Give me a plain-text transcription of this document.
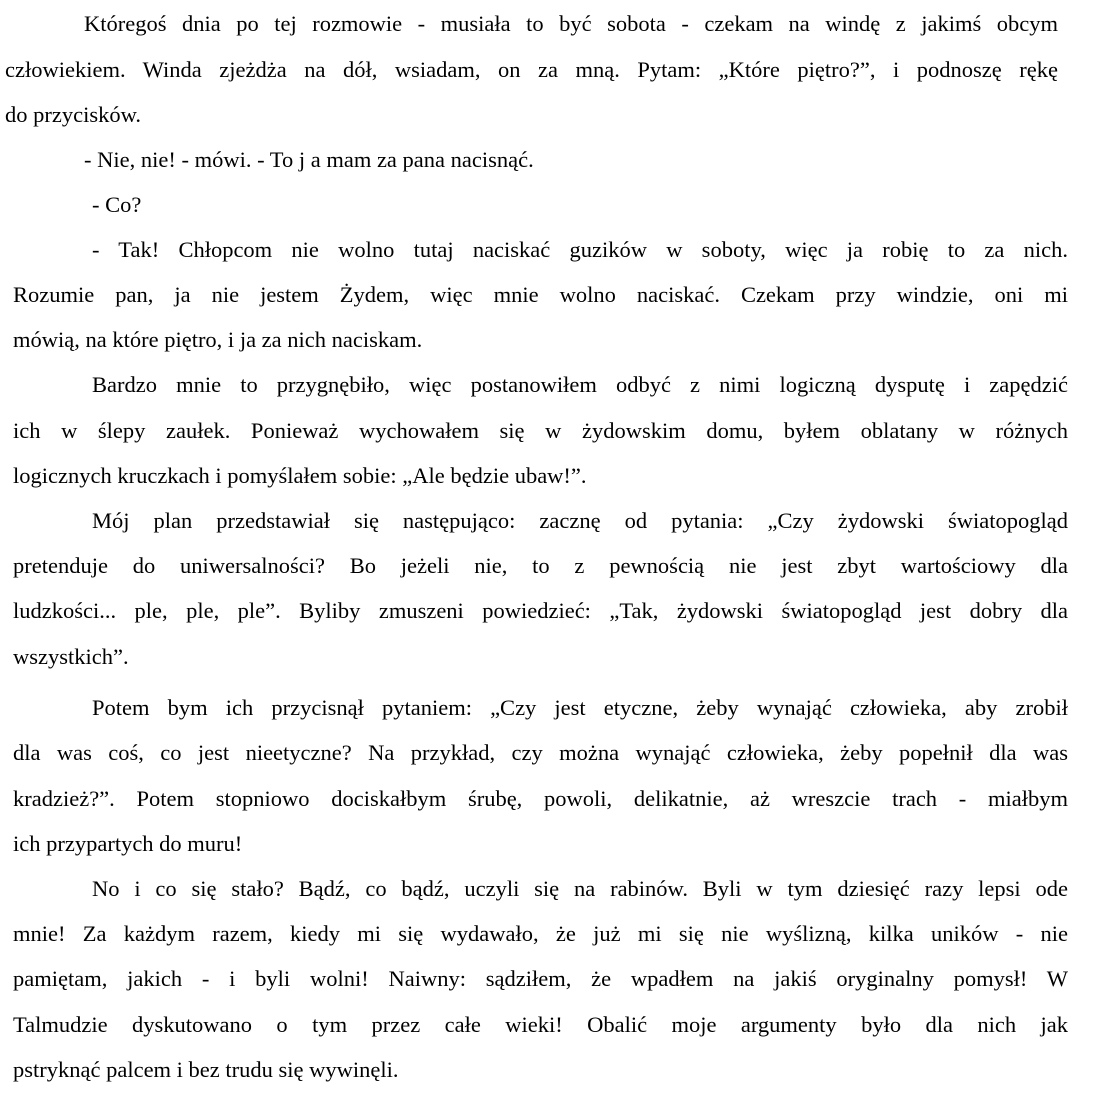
Któregoś dnia po tej rozmowie - musiała to być sobota - czekam na windę z jakimś obcym

człowiekiem. Winda zjeżdża na dół, wsiadam, on za mną. Pytam: „Które piętro?”, i podnoszę rękę

do przycisków.

- Nie, nie! - mówi. - To j a mam za pana nacisnąć.

- Co?

- Tak! Chłopcom nie wolno tutaj naciskać guzików w soboty, więc ja robię to za nich.

Rozumie pan, ja nie jestem Żydem, więc mnie wolno naciskać. Czekam przy windzie, oni mi

mówią, na które piętro, i ja za nich naciskam.

Bardzo mnie to przygnębiło, więc postanowiłem odbyć z nimi logiczną dysputę i zapędzić

ich w ślepy zaułek. Ponieważ wychowałem się w żydowskim domu, byłem oblatany w różnych

logicznych kruczkach i pomyślałem sobie: „Ale będzie ubaw!”.

Mój plan przedstawiał się następująco: zacznę od pytania: „Czy żydowski światopogląd

pretenduje do uniwersalności? Bo jeżeli nie, to z pewnością nie jest zbyt wartościowy dla

ludzkości... ple, ple, ple”. Byliby zmuszeni powiedzieć: „Tak, żydowski światopogląd jest dobry dla

wszystkich”.

Potem bym ich przycisnął pytaniem: „Czy jest etyczne, żeby wynająć człowieka, aby zrobił

dla was coś, co jest nieetyczne? Na przykład, czy można wynająć człowieka, żeby popełnił dla was

kradzież?”. Potem stopniowo dociskałbym śrubę, powoli, delikatnie, aż wreszcie trach - miałbym

ich przypartych do muru!

No i co się stało? Bądź, co bądź, uczyli się na rabinów. Byli w tym dziesięć razy lepsi ode

mnie! Za każdym razem, kiedy mi się wydawało, że już mi się nie wyślizną, kilka uników - nie

pamiętam, jakich - i byli wolni! Naiwny: sądziłem, że wpadłem na jakiś oryginalny pomysł! W

Talmudzie dyskutowano o tym przez całe wieki! Obalić moje argumenty było dla nich jak

pstryknąć palcem i bez trudu się wywinęli.
